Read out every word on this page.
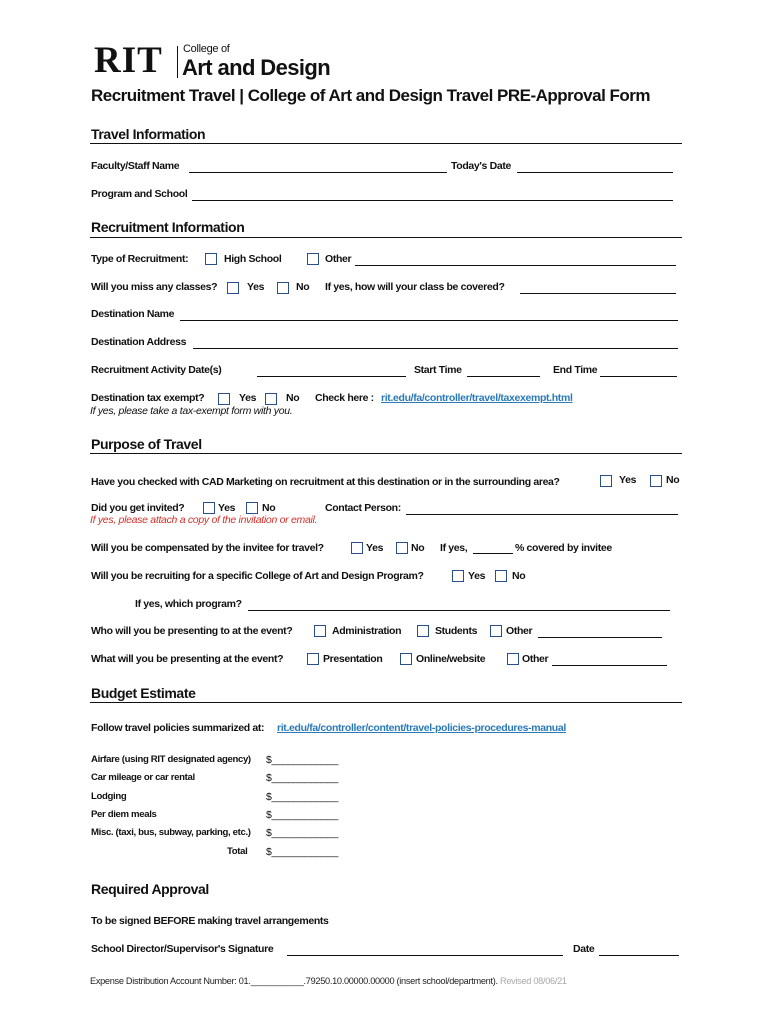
RIT College of
Art and Design
Recruitment Travel | College of Art and Design Travel PRE-Approval Form
Travel Information
Faculty/Staff Name	Today's Date
Program and School
Recruitment Information
Type of Recruitment:	High School	Other
Will you miss any classes?	Yes	No If yes, how will your class be covered?
Destination Name
Destination Address
Recruitment Activity Date(s)	Start Time	End Time
Destination tax exempt?	Yes	No Check here : rit.edu/fa/controller/travel/taxexempt.html
If yes, please take a tax-exempt form with you.
Purpose of Travel
Have you checked with CAD Marketing on recruitment at this destination or in the surrounding area?	Yes	No
Did you get invited?	Yes	No	Contact Person:
If yes, please attach a copy of the invitation or email.
Will you be compensated by the invitee for travel?	Yes	No If yes,	% covered by invitee
Will you be recruiting for a specific College of Art and Design Program?	Yes	No
If yes, which program?
Who will you be presenting to at the event?	Administration	Students	Other
What will you be presenting at the event?	Presentation	Online/website	Other
Budget Estimate
Follow travel policies summarized at: rit.edu/fa/controller/content/travel-policies-procedures-manual
Airfare (using RIT designated agency) $____________
Car mileage or car rental	$____________
Lodging	$____________
Per diem meals	$____________
Misc. (taxi, bus, subway, parking, etc.) $____________
Total $____________
Required Approval
To be signed BEFORE making travel arrangements
School Director/Supervisor's Signature	Date
Expense Distribution Account Number: 01.___________.79250.10.00000.00000 (insert school/department). Revised 08/06/21
